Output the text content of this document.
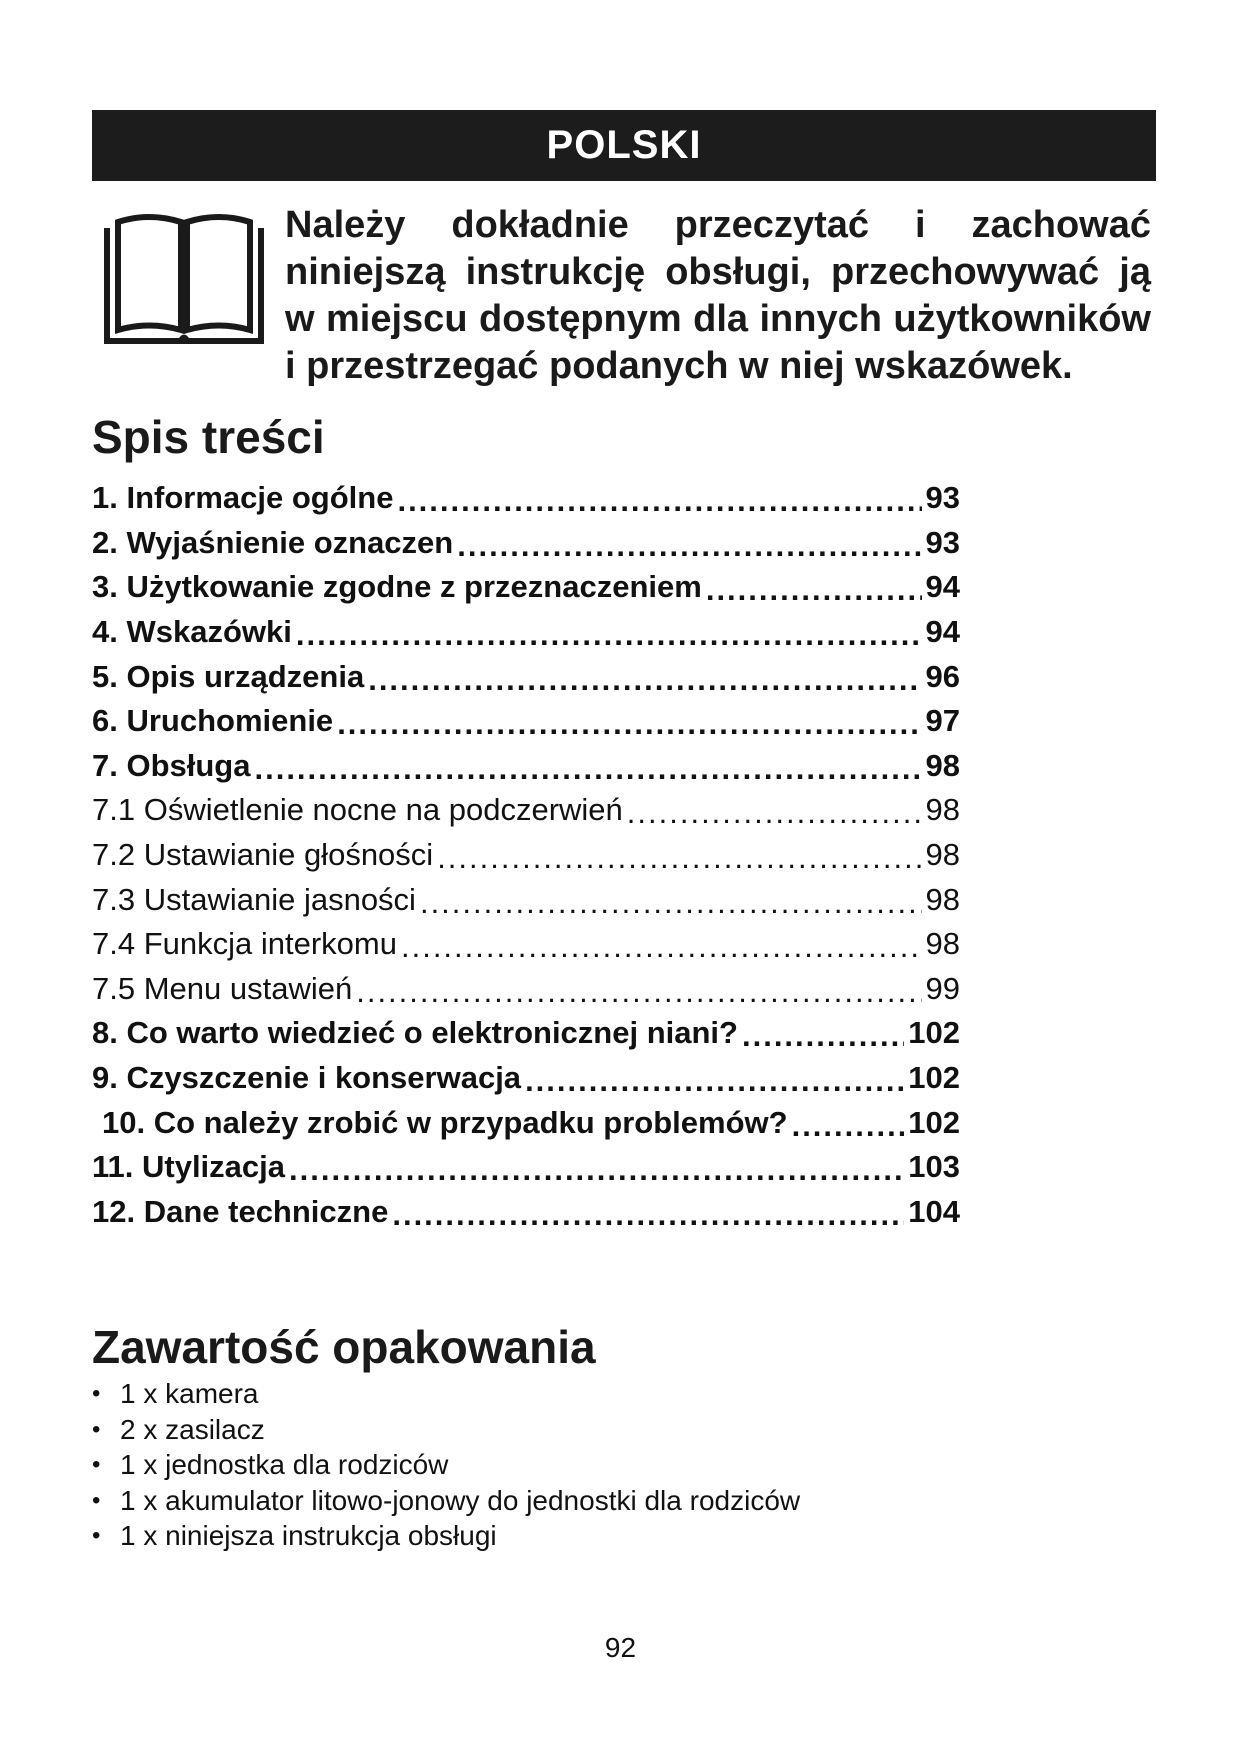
POLSKI
Należy dokładnie przeczytać i zachować niniejszą instrukcję obsługi, przechowywać ją w miejscu dostępnym dla innych użytkowników i przestrzegać podanych w niej wskazówek.
Spis treści
1. Informacje ogólne .....	93
2. Wyjaśnienie oznaczen .....	93
3. Użytkowanie zgodne z przeznaczeniem .....	94
4. Wskazówki .....	94
5. Opis urządzenia .....	96
6. Uruchomienie .....	97
7. Obsługa .....	98
7.1 Oświetlenie nocne na podczerwień .....	98
7.2 Ustawianie głośności .....	98
7.3 Ustawianie jasności .....	98
7.4 Funkcja interkomu .....	98
7.5 Menu ustawień .....	99
8. Co warto wiedzieć o elektronicznej niani? .....	102
9. Czyszczenie i konserwacja .....	102
10. Co należy zrobić w przypadku problemów? .....	102
11. Utylizacja .....	103
12. Dane techniczne .....	104
Zawartość opakowania
• 1 x kamera
• 2 x zasilacz
• 1 x jednostka dla rodziców
• 1 x akumulator litowo-jonowy do jednostki dla rodziców
• 1 x niniejsza instrukcja obsługi
92
